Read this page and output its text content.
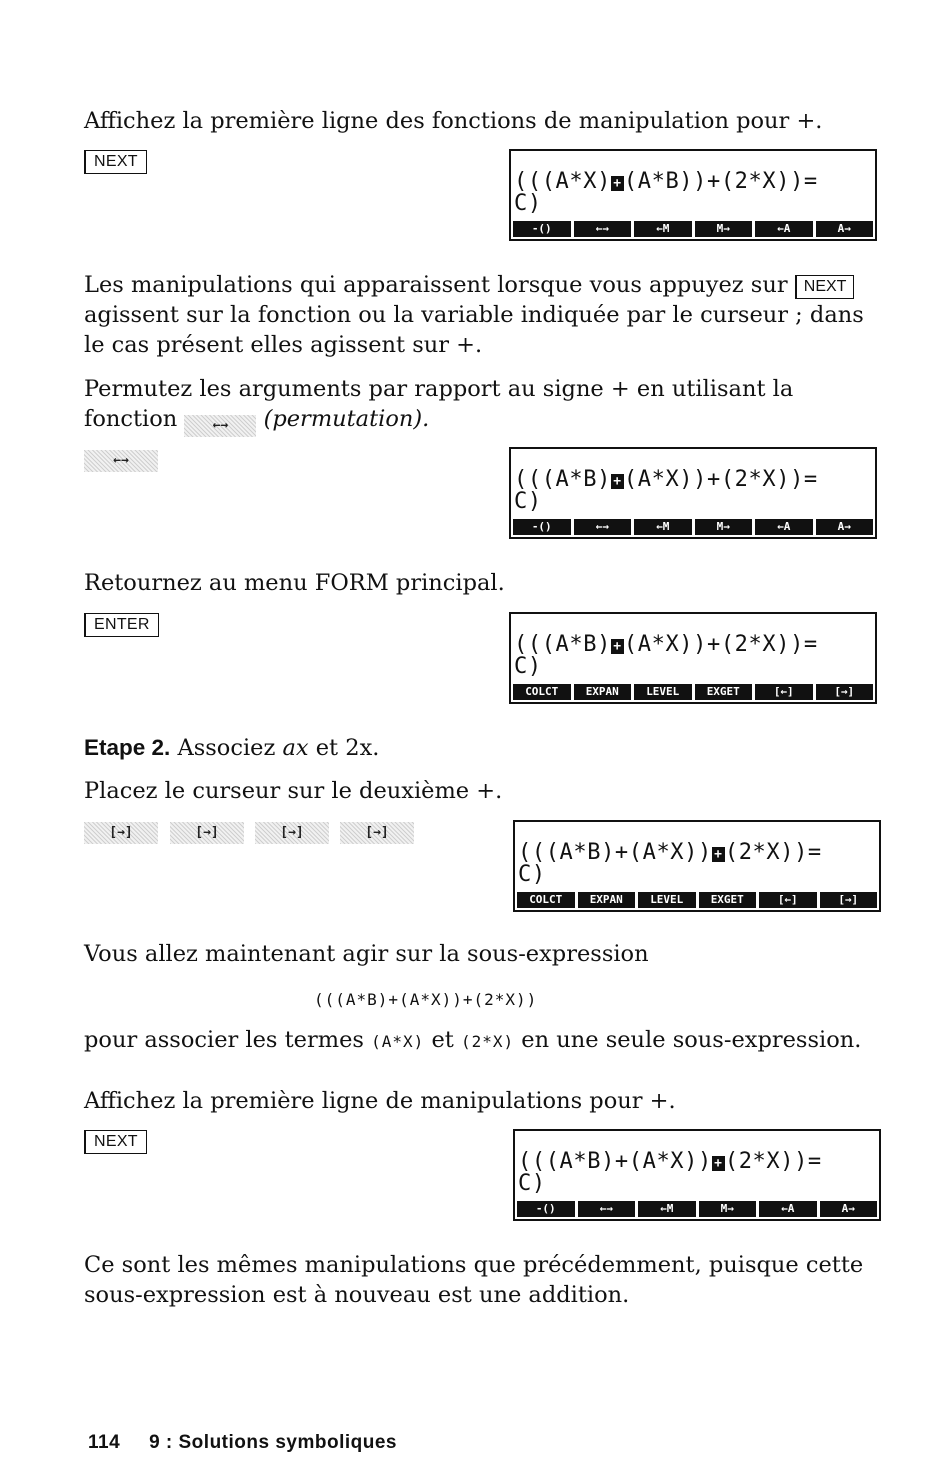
Affichez la première ligne des fonctions de manipulation pour +.
NEXT
(((A*X) + (A*B))+(2*X))=
C)
-()	←→	←M	M→	←A	A→
Les manipulations qui apparaissent lorsque vous appuyez sur NEXT agissent sur la fonction ou la variable indiquée par le curseur ; dans le cas présent elles agissent sur +.
Permutez les arguments par rapport au signe + en utilisant la fonction	←→ (permutation).
←→
(((A*B) + (A*X))+(2*X))=
C)
-()	←→	←M	M→	←A	A→
Retournez au menu FORM principal.
ENTER
(((A*B) + (A*X))+(2*X))=
C)
COLCT	EXPAN	LEVEL	EXGET	[←]	[→]
Etape 2. Associez ax et 2x.
Placez le curseur sur le deuxième +.
[→]	[→]	[→]	[→]
(((A*B)+(A*X)) + (2*X))=
C)
COLCT	EXPAN	LEVEL	EXGET	[←]	[→]
Vous allez maintenant agir sur la sous-expression
(((A*B)+(A*X))+(2*X))
pour associer les termes (A*X) et (2*X) en une seule sous-expression.
Affichez la première ligne de manipulations pour +.
NEXT
(((A*B)+(A*X)) + (2*X))=
C)
-()	←→	←M	M→	←A	A→
Ce sont les mêmes manipulations que précédemment, puisque cette sous-expression est à nouveau est une addition.
114 9 : Solutions symboliques
